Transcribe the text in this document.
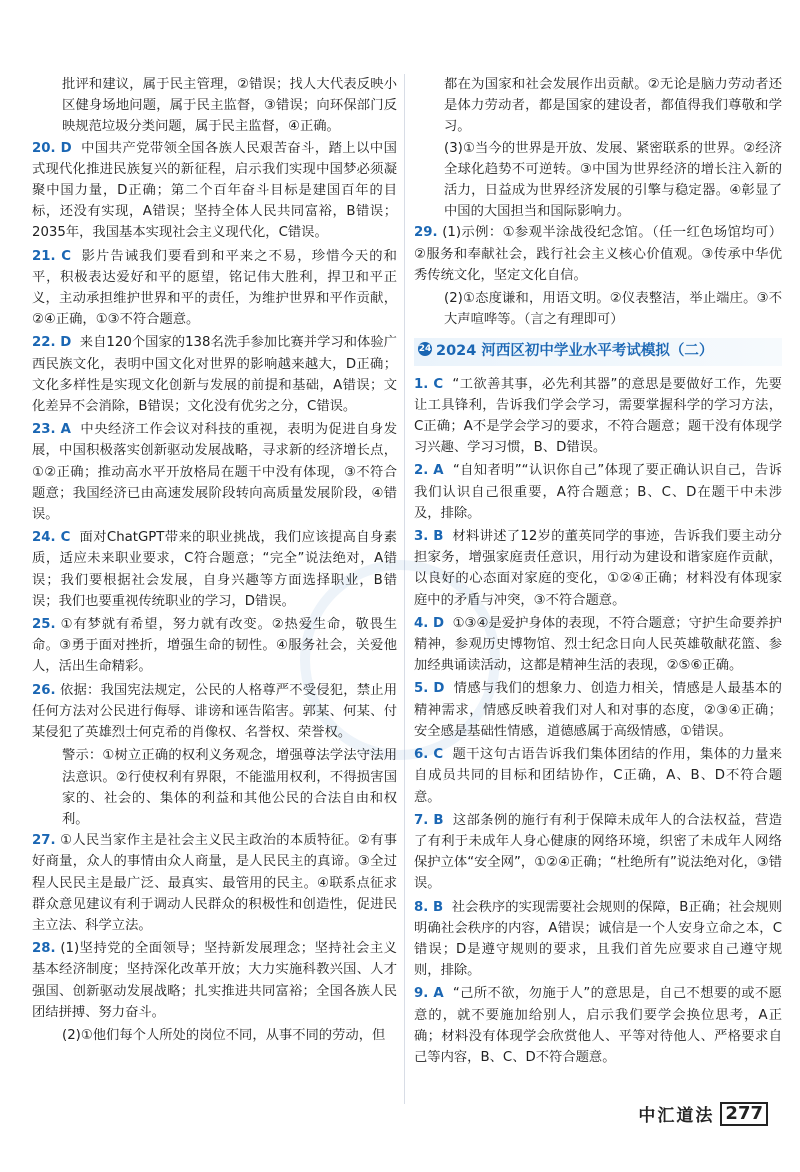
批评和建议，属于民主管理，②错误；找人大代表反映小区健身场地问题，属于民主监督，③错误；向环保部门反映规范垃圾分类问题，属于民主监督，④正确。

20. D 中国共产党带领全国各族人民艰苦奋斗，踏上以中国式现代化推进民族复兴的新征程，启示我们实现中国梦必须凝聚中国力量，D正确；第二个百年奋斗目标是建国百年的目标，还没有实现，A错误；坚持全体人民共同富裕，B错误；2035年，我国基本实现社会主义现代化，C错误。

21. C 影片告诫我们要看到和平来之不易，珍惜今天的和平，积极表达爱好和平的愿望，铭记伟大胜利，捍卫和平正义，主动承担维护世界和平的责任，为维护世界和平作贡献，②④正确，①③不符合题意。

22. D 来自120个国家的138名洗手参加比赛并学习和体验广西民族文化，表明中国文化对世界的影响越来越大，D正确；文化多样性是实现文化创新与发展的前提和基础，A错误；文化差异不会消除，B错误；文化没有优劣之分，C错误。

23. A 中央经济工作会议对科技的重视，表明为促进自身发展，中国积极落实创新驱动发展战略，寻求新的经济增长点，①②正确；推动高水平开放格局在题干中没有体现，③不符合题意；我国经济已由高速发展阶段转向高质量发展阶段，④错误。

24. C 面对ChatGPT带来的职业挑战，我们应该提高自身素质，适应未来职业要求，C符合题意；“完全”说法绝对，A错误；我们要根据社会发展，自身兴趣等方面选择职业，B错误；我们也要重视传统职业的学习，D错误。

25. ①有梦就有希望，努力就有改变。②热爱生命，敬畏生命。③勇于面对挫折，增强生命的韧性。④服务社会，关爱他人，活出生命精彩。

26. 依据：我国宪法规定，公民的人格尊严不受侵犯，禁止用任何方法对公民进行侮辱、诽谤和诬告陷害。郭某、何某、付某侵犯了英雄烈士何克希的肖像权、名誉权、荣誉权。

警示：①树立正确的权利义务观念，增强尊法学法守法用法意识。②行使权利有界限，不能滥用权利，不得损害国家的、社会的、集体的利益和其他公民的合法自由和权利。

27. ①人民当家作主是社会主义民主政治的本质特征。②有事好商量，众人的事情由众人商量，是人民民主的真谛。③全过程人民民主是最广泛、最真实、最管用的民主。④联系点征求群众意见建议有利于调动人民群众的积极性和创造性，促进民主立法、科学立法。

28. (1)坚持党的全面领导；坚持新发展理念；坚持社会主义基本经济制度；坚持深化改革开放；大力实施科教兴国、人才强国、创新驱动发展战略；扎实推进共同富裕；全国各族人民团结拼搏、努力奋斗。

(2)①他们每个人所处的岗位不同，从事不同的劳动，但

都在为国家和社会发展作出贡献。②无论是脑力劳动者还是体力劳动者，都是国家的建设者，都值得我们尊敬和学习。

(3)①当今的世界是开放、发展、紧密联系的世界。②经济全球化趋势不可逆转。③中国为世界经济的增长注入新的活力，日益成为世界经济发展的引擎与稳定器。④彰显了中国的大国担当和国际影响力。

29. (1)示例：①参观半涂战役纪念馆。（任一红色场馆均可）②服务和奉献社会，践行社会主义核心价值观。③传承中华优秀传统文化，坚定文化自信。

(2)①态度谦和，用语文明。②仪表整洁，举止端庄。③不大声喧哗等。（言之有理即可）

24 2024 河西区初中学业水平考试模拟（二）

1. C “工欲善其事，必先利其器”的意思是要做好工作，先要让工具锋利，告诉我们学会学习，需要掌握科学的学习方法，C正确；A不是学会学习的要求，不符合题意；题干没有体现学习兴趣、学习习惯，B、D错误。

2. A “自知者明”“认识你自己”体现了要正确认识自己，告诉我们认识自己很重要，A符合题意；B、C、D在题干中未涉及，排除。

3. B 材料讲述了12岁的董英同学的事迹，告诉我们要主动分担家务，增强家庭责任意识，用行动为建设和谐家庭作贡献，以良好的心态面对家庭的变化，①②④正确；材料没有体现家庭中的矛盾与冲突，③不符合题意。

4. D ①③④是爱护身体的表现，不符合题意；守护生命要养护精神，参观历史博物馆、烈士纪念日向人民英雄敬献花篮、参加经典诵读活动，这都是精神生活的表现，②⑤⑥正确。

5. D 情感与我们的想象力、创造力相关，情感是人最基本的精神需求，情感反映着我们对人和对事的态度，②③④正确；安全感是基础性情感，道德感属于高级情感，①错误。

6. C 题干这句古语告诉我们集体团结的作用，集体的力量来自成员共同的目标和团结协作，C正确，A、B、D不符合题意。

7. B 这部条例的施行有利于保障未成年人的合法权益，营造了有利于未成年人身心健康的网络环境，织密了未成年人网络保护立体“安全网”，①②④正确；“杜绝所有”说法绝对化，③错误。

8. B 社会秩序的实现需要社会规则的保障，B正确；社会规则明确社会秩序的内容，A错误；诚信是一个人安身立命之本，C错误；D是遵守规则的要求，且我们首先应要求自己遵守规则，排除。

9. A “己所不欲，勿施于人”的意思是，自己不想要的或不愿意的，就不要施加给别人，启示我们要学会换位思考，A正确；材料没有体现学会欣赏他人、平等对待他人、严格要求自己等内容，B、C、D不符合题意。

中汇道法 277
